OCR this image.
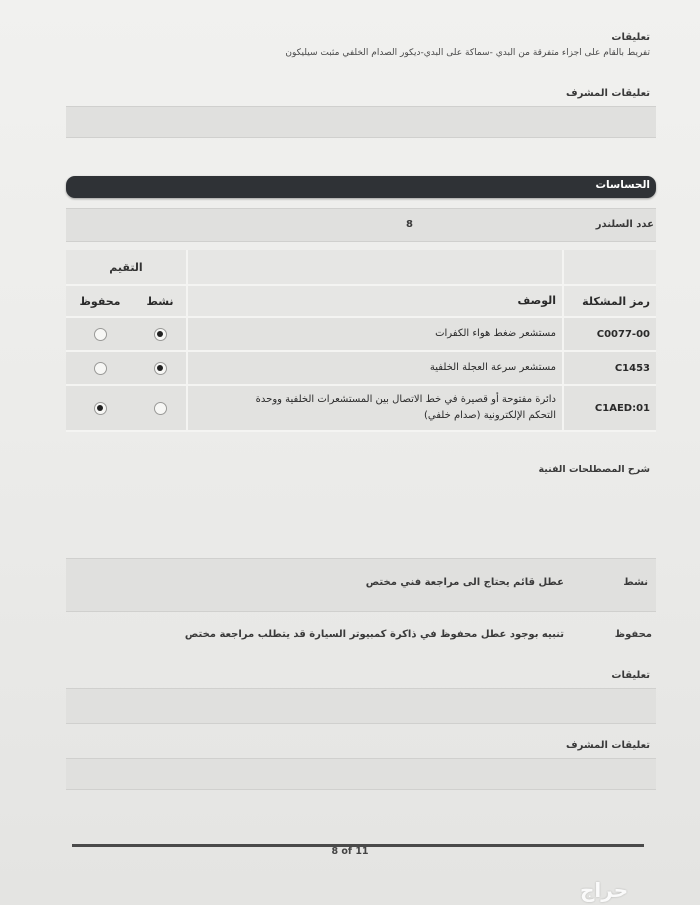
تعليقات
تفريط بالقام على اجزاء متفرقة من البدي -سماكة على البدي-ديكور الصدام الخلفي مثبت سيليكون
تعليقات المشرف
الحساسات
عدد السلندر
8
		التقيم	
رمز المشكلة	الوصف	نشط	محفوظ
C0077-00	مستشعر ضغط هواء الكفرات		
C1453	مستشعر سرعة العجلة الخلفية		
C1AED:01	دائرة مفتوحة أو قصيرة في خط الاتصال بين المستشعرات الخلفية ووحدة التحكم الإلكترونية (صدام خلفي)		
شرح المصطلحات الفنية
نشط
عطل قائم يحتاج الى مراجعة فني مختص
محفوظ
تنبيه بوجود عطل محفوظ في ذاكرة كمبيوتر السيارة قد يتطلب مراجعة مختص
تعليقات
تعليقات المشرف
8 of 11
حراج
